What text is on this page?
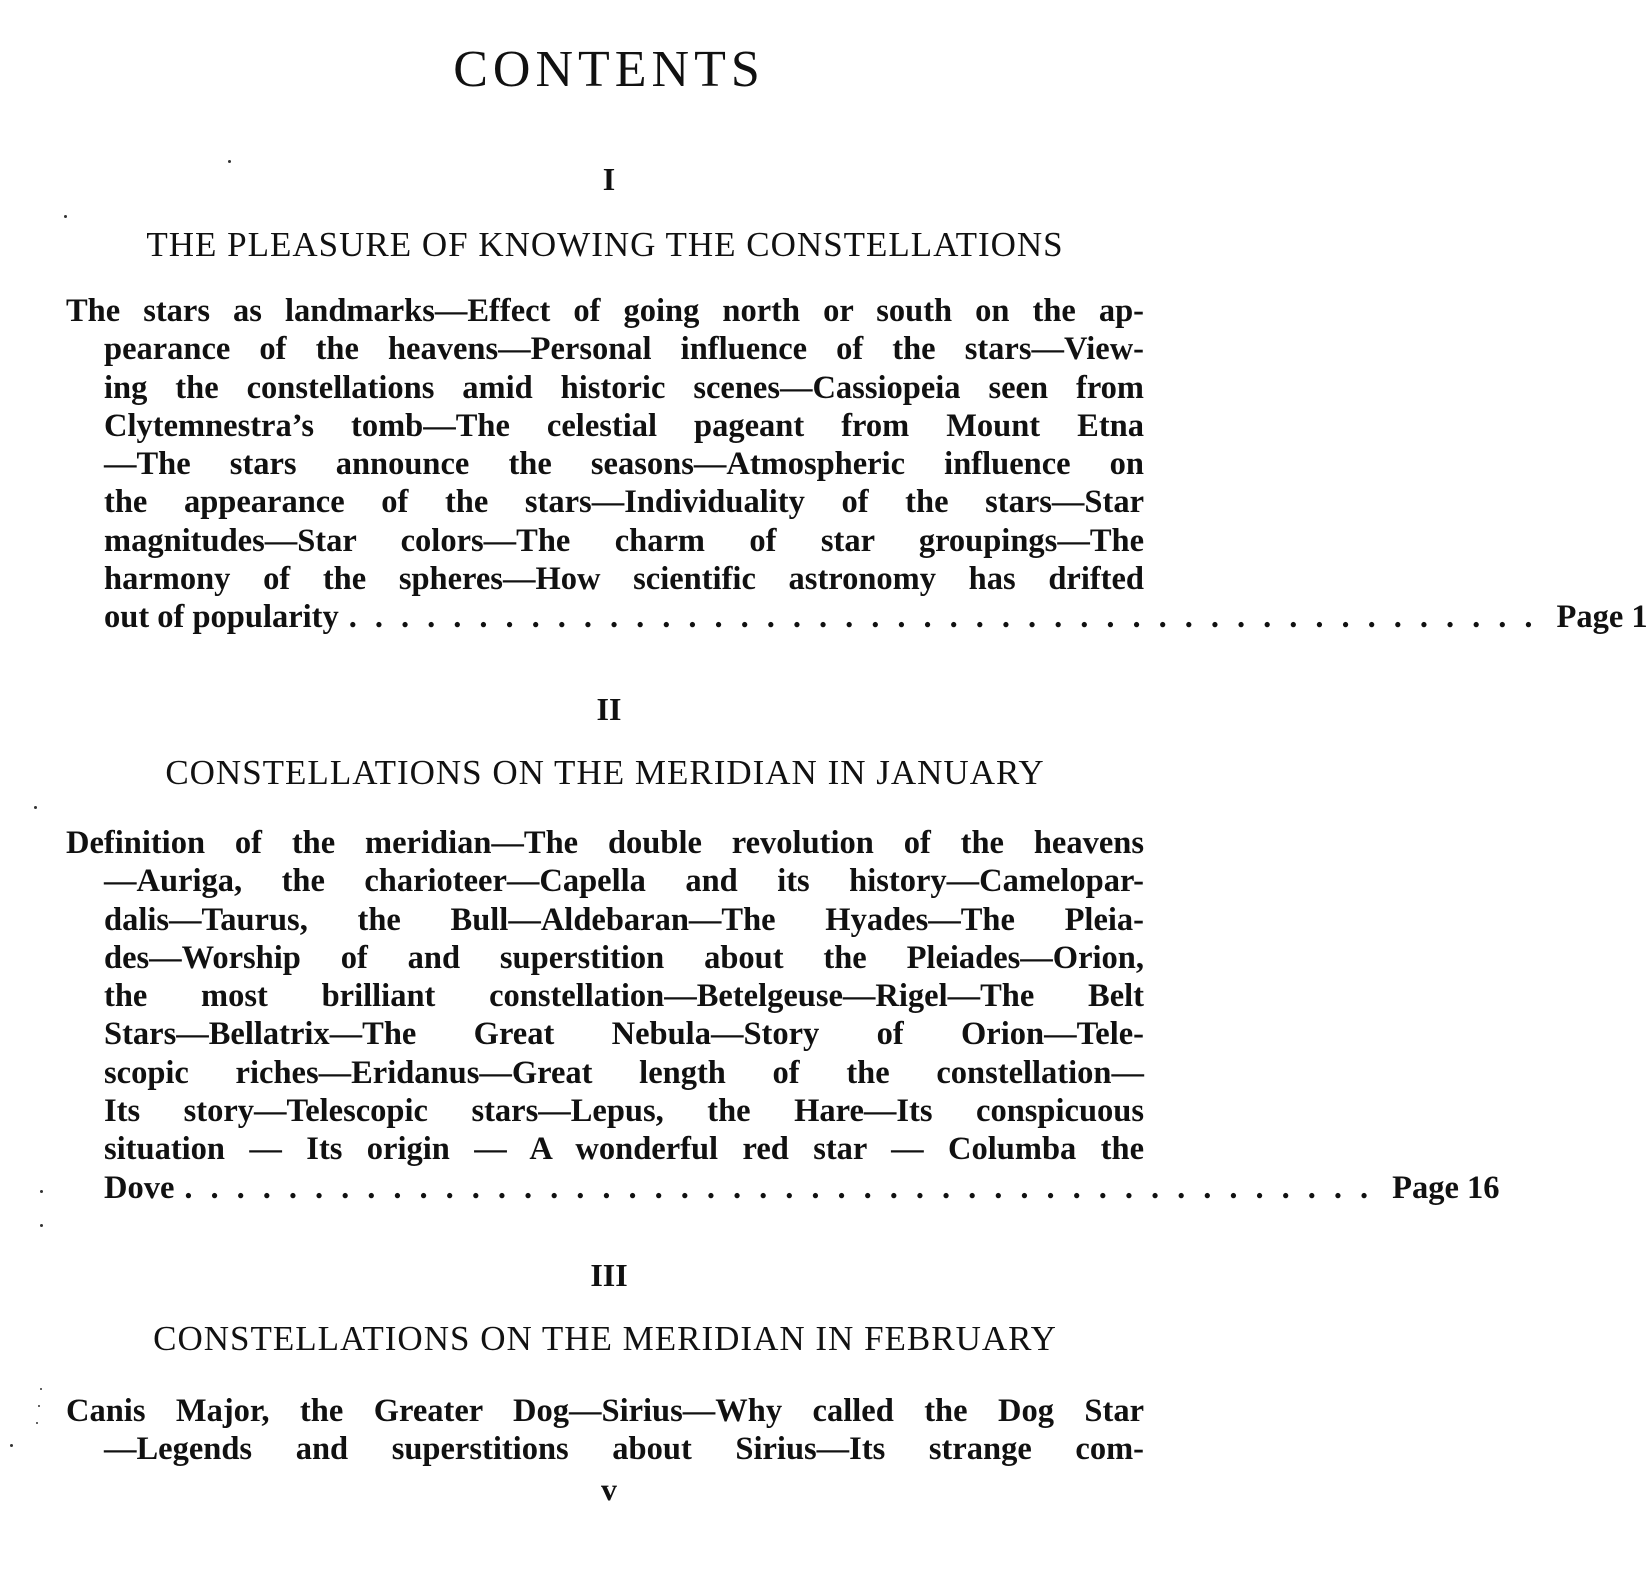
CONTENTS
I
THE PLEASURE OF KNOWING THE CONSTELLATIONS
The stars as landmarks—Effect of going north or south on the ap-
pearance of the heavens—Personal influence of the stars—View-
ing the constellations amid historic scenes—Cassiopeia seen from
Clytemnestra’s tomb—The celestial pageant from Mount Etna
—The stars announce the seasons—Atmospheric influence on
the appearance of the stars—Individuality of the stars—Star
magnitudes—Star colors—The charm of star groupings—The
harmony of the spheres—How scientific astronomy has drifted
out of popularity .............................................. Page 1
II
CONSTELLATIONS ON THE MERIDIAN IN JANUARY
Definition of the meridian—The double revolution of the heavens
—Auriga, the charioteer—Capella and its history—Camelopar-
dalis—Taurus, the Bull—Aldebaran—The Hyades—The Pleia-
des—Worship of and superstition about the Pleiades—Orion,
the most brilliant constellation—Betelgeuse—Rigel—The Belt
Stars—Bellatrix—The Great Nebula—Story of Orion—Tele-
scopic riches—Eridanus—Great length of the constellation—
Its story—Telescopic stars—Lepus, the Hare—Its conspicuous
situation — Its origin — A wonderful red star — Columba the
Dove .............................................. Page 16
III
CONSTELLATIONS ON THE MERIDIAN IN FEBRUARY
Canis Major, the Greater Dog—Sirius—Why called the Dog Star
—Legends and superstitions about Sirius—Its strange com-
v
